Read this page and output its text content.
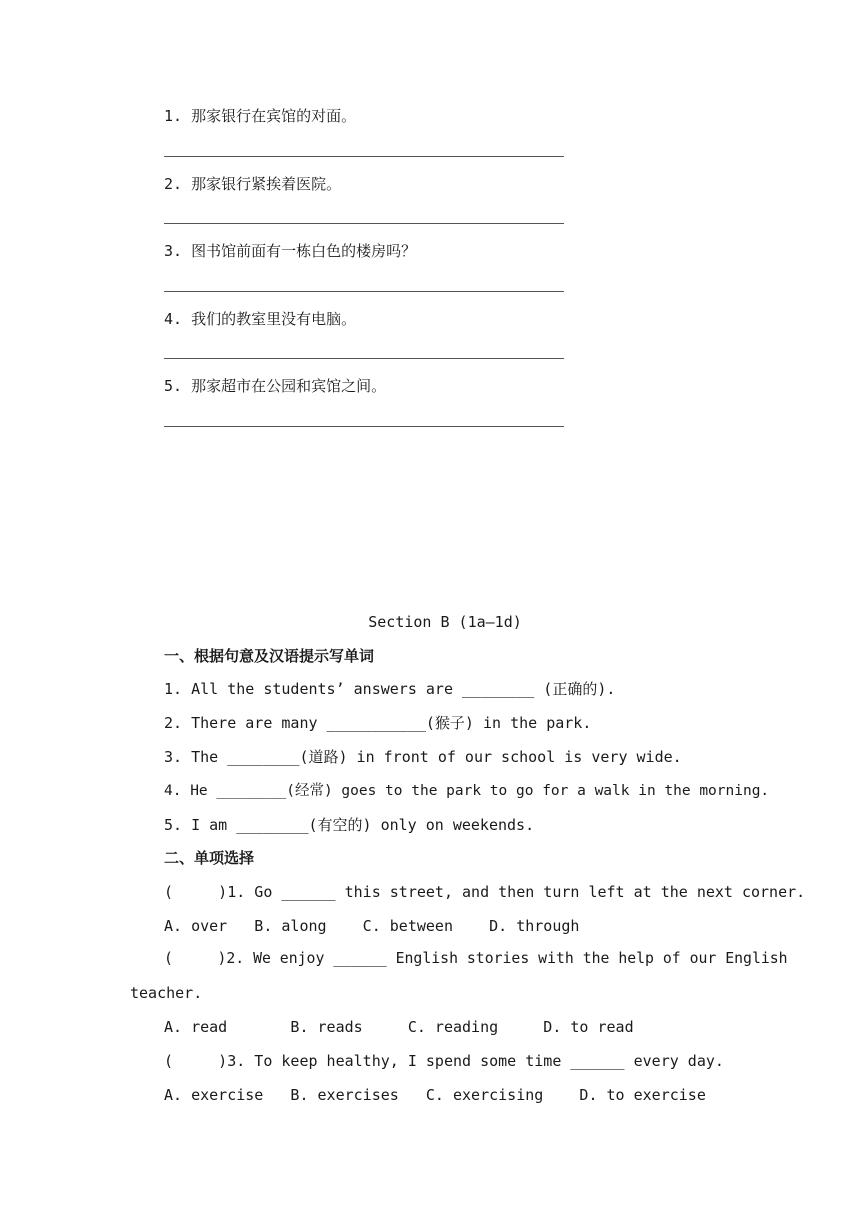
1. 那家银行在宾馆的对面。
2. 那家银行紧挨着医院。
3. 图书馆前面有一栋白色的楼房吗？
4. 我们的教室里没有电脑。
5. 那家超市在公园和宾馆之间。
Section B (1a—1d)
一、根据句意及汉语提示写单词
1. All the students’ answers are ________ (正确的).
2. There are many ___________(猴子) in the park.
3. The ________(道路) in front of our school is very wide.
4. He ________(经常) goes to the park to go for a walk in the morning.
5. I am ________(有空的) only on weekends.
二、单项选择
(     )1. Go ______ this street, and then turn left at the next corner.
A. over   B. along    C. between    D. through
(     )2. We enjoy ______ English stories with the help of our English
teacher.
A. read       B. reads     C. reading     D. to read
(     )3. To keep healthy, I spend some time ______ every day.
A. exercise   B. exercises   C. exercising    D. to exercise
